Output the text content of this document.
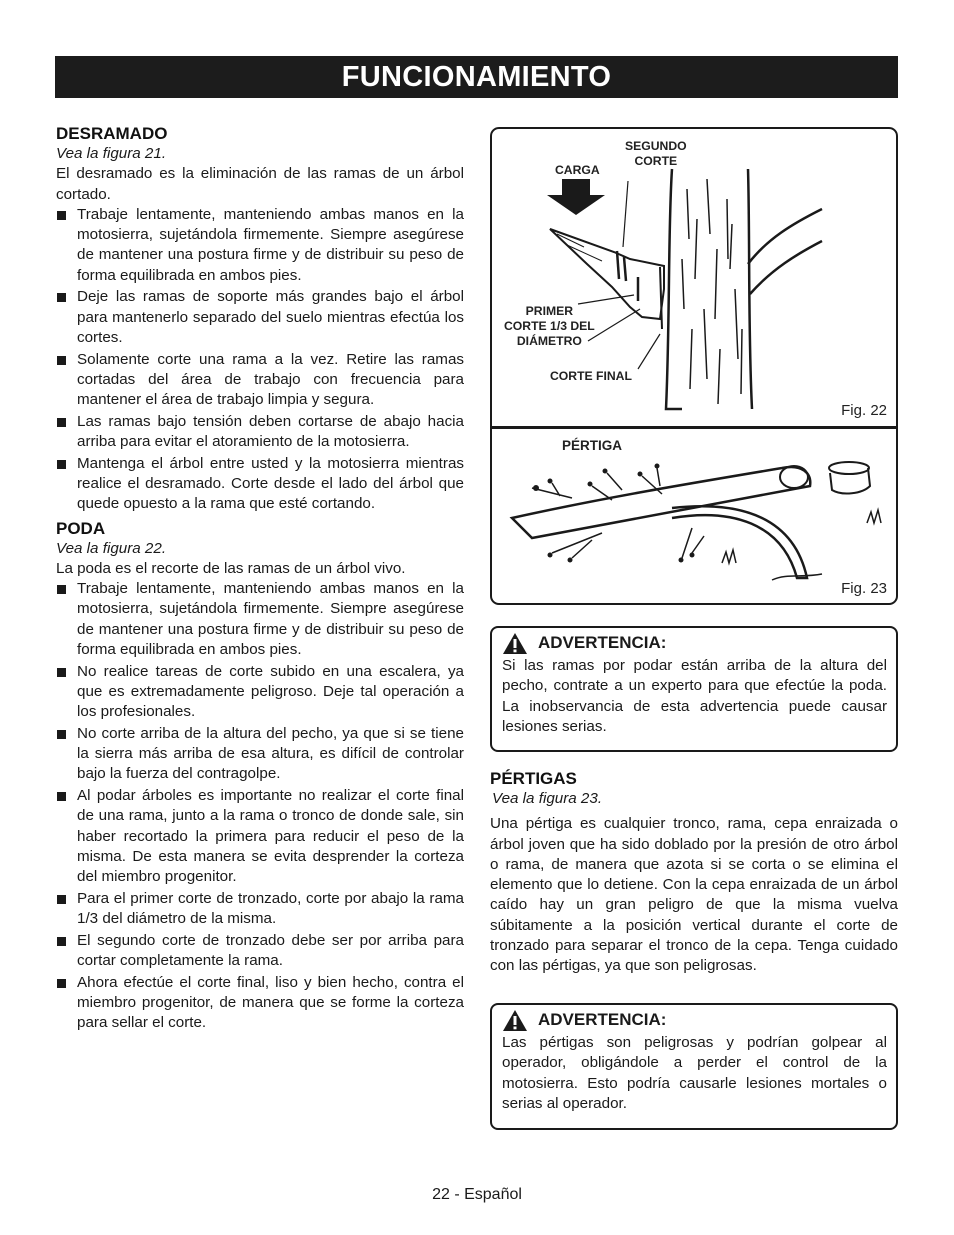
FUNCIONAMIENTO
DESRAMADO

Vea la figura 21.

El desramado es la eliminación de las ramas de un árbol cortado.

Trabaje lentamente, manteniendo ambas manos en la motosierra, sujetándola firmemente. Siempre asegúrese de mantener una postura firme y de distribuir su peso de forma equilibrada en ambos pies.
Deje las ramas de soporte más grandes bajo el árbol para mantenerlo separado del suelo mientras efectúa los cortes.
Solamente corte una rama a la vez. Retire las ramas cortadas del área de trabajo con frecuencia para mantener el área de trabajo limpia y segura.
Las ramas bajo tensión deben cortarse de abajo hacia arriba para evitar el atoramiento de la motosierra.
Mantenga el árbol entre usted y la motosierra mientras realice el desramado. Corte desde el lado del árbol que quede opuesto a la rama que esté cortando.
PODA

Vea la figura 22.

La poda es el recorte de las ramas de un árbol vivo.

Trabaje lentamente, manteniendo ambas manos en la motosierra, sujetándola firmemente. Siempre asegúrese de mantener una postura firme y de distribuir su peso de forma equilibrada en ambos pies.
No realice tareas de corte subido en una escalera, ya que es extremadamente peligroso. Deje tal operación a los profesionales.
No corte arriba de la altura del pecho, ya que si se tiene la sierra más arriba de esa altura, es difícil de controlar bajo la fuerza del contragolpe.
Al podar árboles es importante no realizar el corte final de una rama, junto a la rama o tronco de donde sale, sin haber recortado la primera para reducir el peso de la misma. De esta manera se evita desprender la corteza del miembro progenitor.
Para el primer corte de tronzado, corte por abajo la rama 1/3 del diámetro de la misma.
El segundo corte de tronzado debe ser por arriba para cortar completamente la rama.
Ahora efectúe el corte final, liso y bien hecho, contra el miembro progenitor, de manera que se forme la corteza para sellar el corte.
CARGA
SEGUNDO
CORTE
PRIMER
CORTE 1/3 DEL
DIÁMETRO
CORTE FINAL
Fig. 22
PÉRTIGA
Fig. 23
ADVERTENCIA:

Si las ramas por podar están arriba de la altura del pecho, contrate a un experto para que efectúe la poda. La inobservancia de esta advertencia puede causar lesiones serias.

PÉRTIGAS

Vea la figura 23.

Una pértiga es cualquier tronco, rama, cepa enraizada o árbol joven que ha sido doblado por la presión de otro árbol o rama, de manera que azota si se corta o se elimina el elemento que lo detiene. Con la cepa enraizada de un árbol caído hay un gran peligro de que la misma vuelva súbitamente a la posición vertical durante el corte de tronzado para separar el tronco de la cepa. Tenga cuidado con las pértigas, ya que son peligrosas.

ADVERTENCIA:

Las pértigas son peligrosas y podrían golpear al operador, obligándole a perder el control de la motosierra. Esto podría causarle lesiones mortales o serias al operador.

22 - Español
